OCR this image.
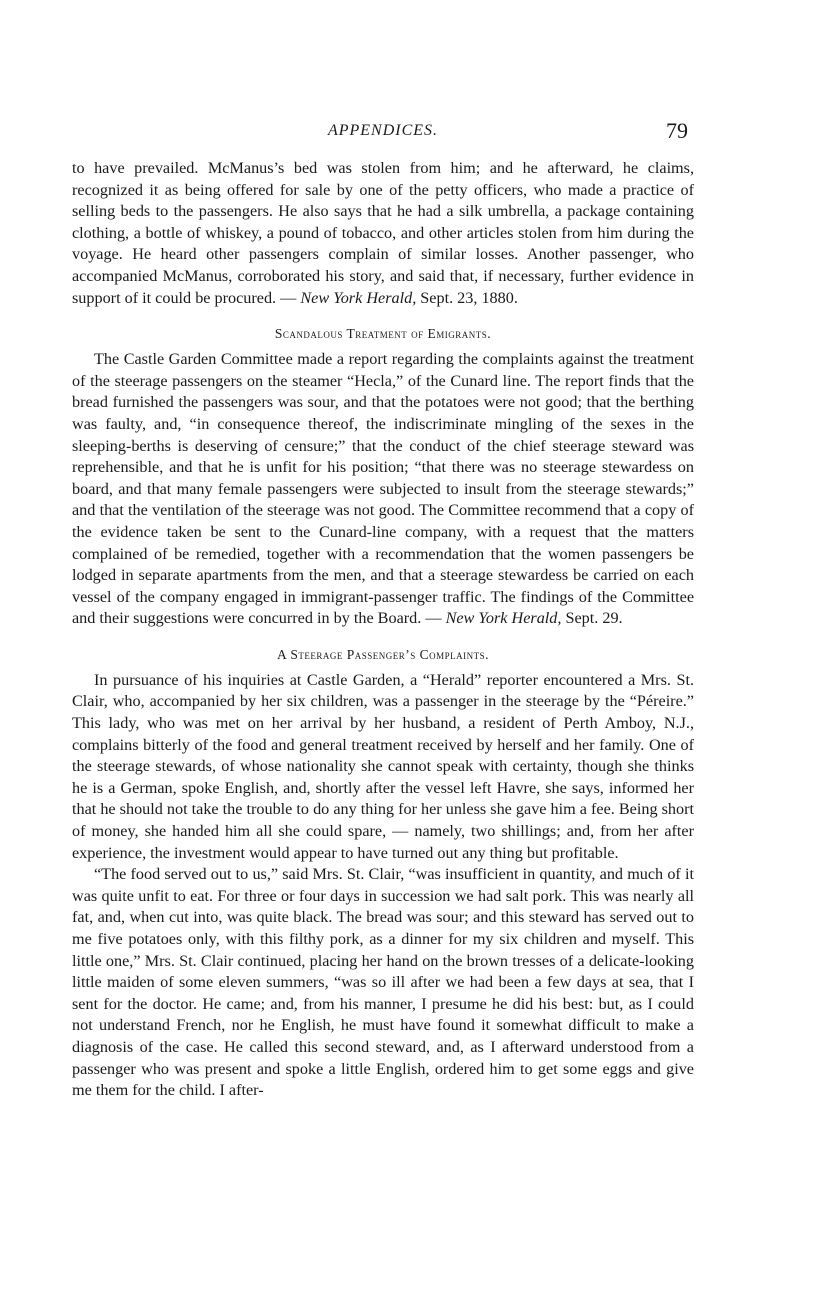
APPENDICES.	79

to have prevailed. McManus’s bed was stolen from him; and he afterward, he claims, recognized it as being offered for sale by one of the petty officers, who made a practice of selling beds to the passengers. He also says that he had a silk umbrella, a package containing clothing, a bottle of whiskey, a pound of tobacco, and other articles stolen from him during the voyage. He heard other passengers complain of similar losses. Another passenger, who accompanied McManus, corroborated his story, and said that, if necessary, further evidence in support of it could be procured. — New York Herald, Sept. 23, 1880.

Scandalous Treatment of Emigrants.

The Castle Garden Committee made a report regarding the complaints against the treatment of the steerage passengers on the steamer “Hecla,” of the Cunard line. The report finds that the bread furnished the passengers was sour, and that the potatoes were not good; that the berthing was faulty, and, “in consequence thereof, the indiscriminate mingling of the sexes in the sleeping-berths is deserving of censure;” that the conduct of the chief steerage steward was reprehensible, and that he is unfit for his position; “that there was no steerage stewardess on board, and that many female passengers were subjected to insult from the steerage stewards;” and that the ventilation of the steerage was not good. The Committee recommend that a copy of the evidence taken be sent to the Cunard-line company, with a request that the matters complained of be remedied, together with a recommendation that the women passengers be lodged in separate apartments from the men, and that a steerage stewardess be carried on each vessel of the company engaged in immigrant-passenger traffic. The findings of the Committee and their suggestions were concurred in by the Board. — New York Herald, Sept. 29.

A Steerage Passenger’s Complaints.

In pursuance of his inquiries at Castle Garden, a “Herald” reporter encountered a Mrs. St. Clair, who, accompanied by her six children, was a passenger in the steerage by the “Péreire.” This lady, who was met on her arrival by her husband, a resident of Perth Amboy, N.J., complains bitterly of the food and general treatment received by herself and her family. One of the steerage stewards, of whose nationality she cannot speak with certainty, though she thinks he is a German, spoke English, and, shortly after the vessel left Havre, she says, informed her that he should not take the trouble to do any thing for her unless she gave him a fee. Being short of money, she handed him all she could spare, — namely, two shillings; and, from her after experience, the investment would appear to have turned out any thing but profitable.

“The food served out to us,” said Mrs. St. Clair, “was insufficient in quantity, and much of it was quite unfit to eat. For three or four days in succession we had salt pork. This was nearly all fat, and, when cut into, was quite black. The bread was sour; and this steward has served out to me five potatoes only, with this filthy pork, as a dinner for my six children and myself. This little one,” Mrs. St. Clair continued, placing her hand on the brown tresses of a delicate-looking little maiden of some eleven summers, “was so ill after we had been a few days at sea, that I sent for the doctor. He came; and, from his manner, I presume he did his best: but, as I could not understand French, nor he English, he must have found it somewhat difficult to make a diagnosis of the case. He called this second steward, and, as I afterward understood from a passenger who was present and spoke a little English, ordered him to get some eggs and give me them for the child. I after-
